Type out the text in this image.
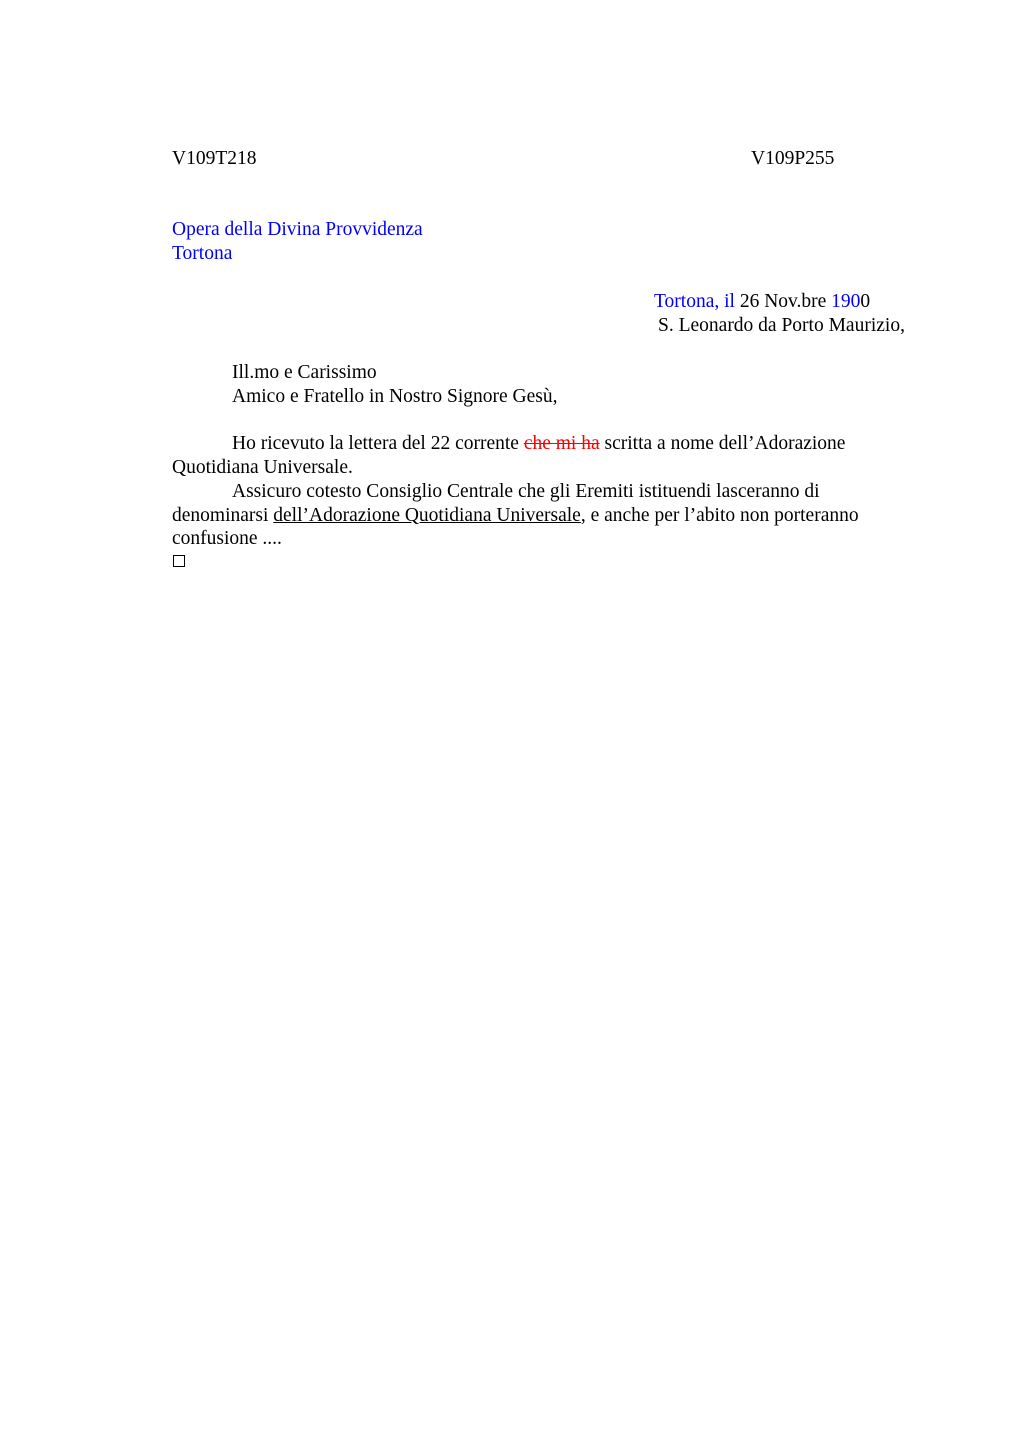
V109T218	V109P255
Opera della Divina Provvidenza
Tortona
Tortona, il 26 Nov.bre 1900
S. Leonardo da Porto Maurizio,
Ill.mo e Carissimo
Amico e Fratello in Nostro Signore Gesù,
Ho ricevuto la lettera del 22 corrente che mi ha scritta a nome dell’Adorazione Quotidiana Universale.
Assicuro cotesto Consiglio Centrale che gli Eremiti istituendi lasceranno di denominarsi dell’Adorazione Quotidiana Universale, e anche per l’abito non porteranno confusione ....
